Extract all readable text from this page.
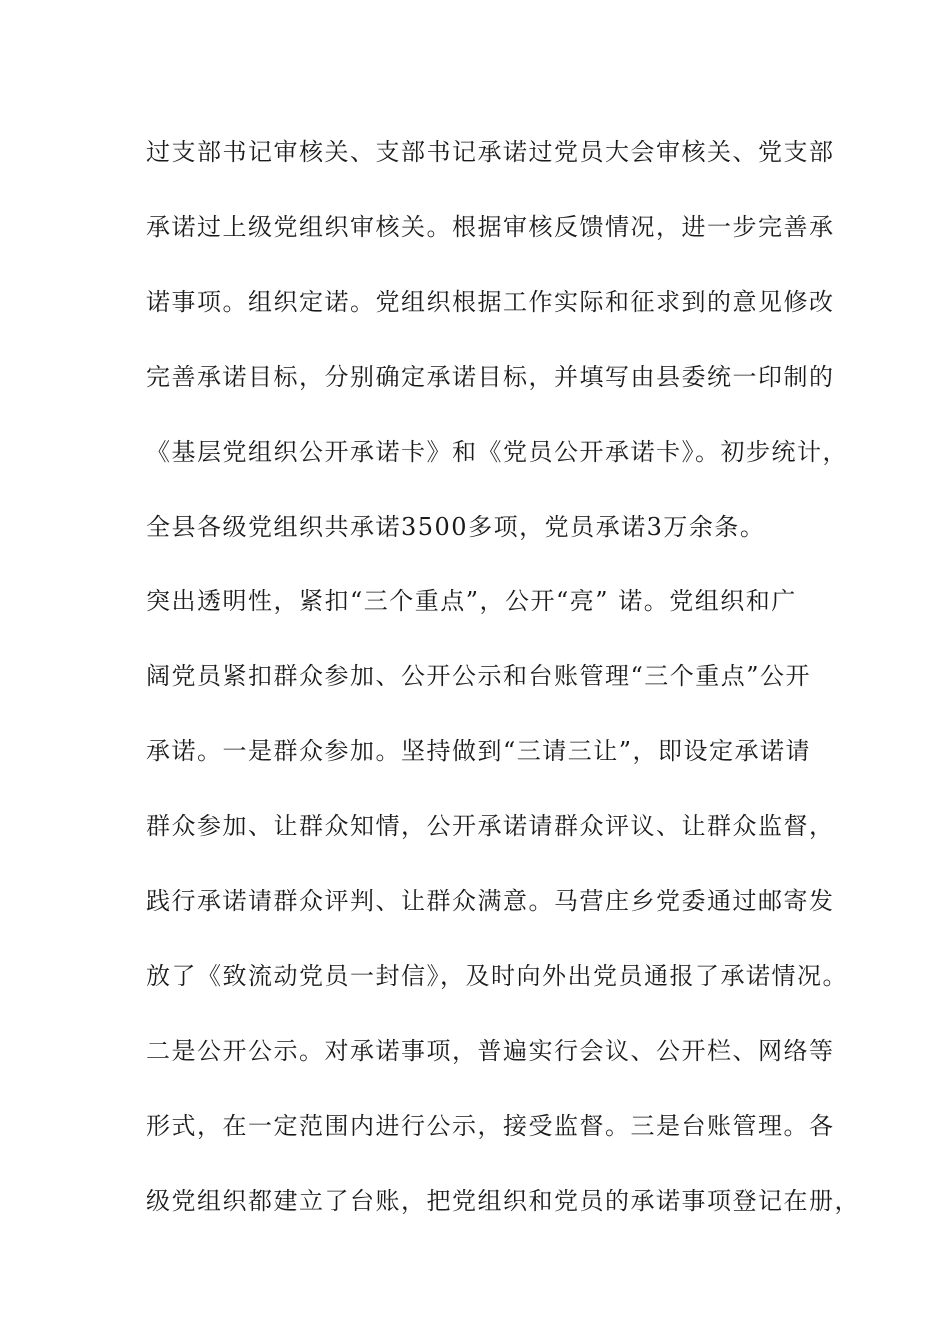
过支部书记审核关、支部书记承诺过党员大会审核关、党支部
承诺过上级党组织审核关。根据审核反馈情况，进一步完善承
诺事项。组织定诺。党组织根据工作实际和征求到的意见修改
完善承诺目标，分别确定承诺目标，并填写由县委统一印制的
《基层党组织公开承诺卡》和《党员公开承诺卡》。初步统计，
全县各级党组织共承诺3500多项，党员承诺3万余条。
突出透明性，紧扣“三个重点”，公开“亮” 诺。党组织和广
阔党员紧扣群众参加、公开公示和台账管理“三个重点”公开
承诺。一是群众参加。坚持做到“三请三让”，即设定承诺请
群众参加、让群众知情，公开承诺请群众评议、让群众监督，
践行承诺请群众评判、让群众满意。马营庄乡党委通过邮寄发
放了《致流动党员一封信》，及时向外出党员通报了承诺情况。
二是公开公示。对承诺事项，普遍实行会议、公开栏、网络等
形式，在一定范围内进行公示，接受监督。三是台账管理。各
级党组织都建立了台账，把党组织和党员的承诺事项登记在册，
